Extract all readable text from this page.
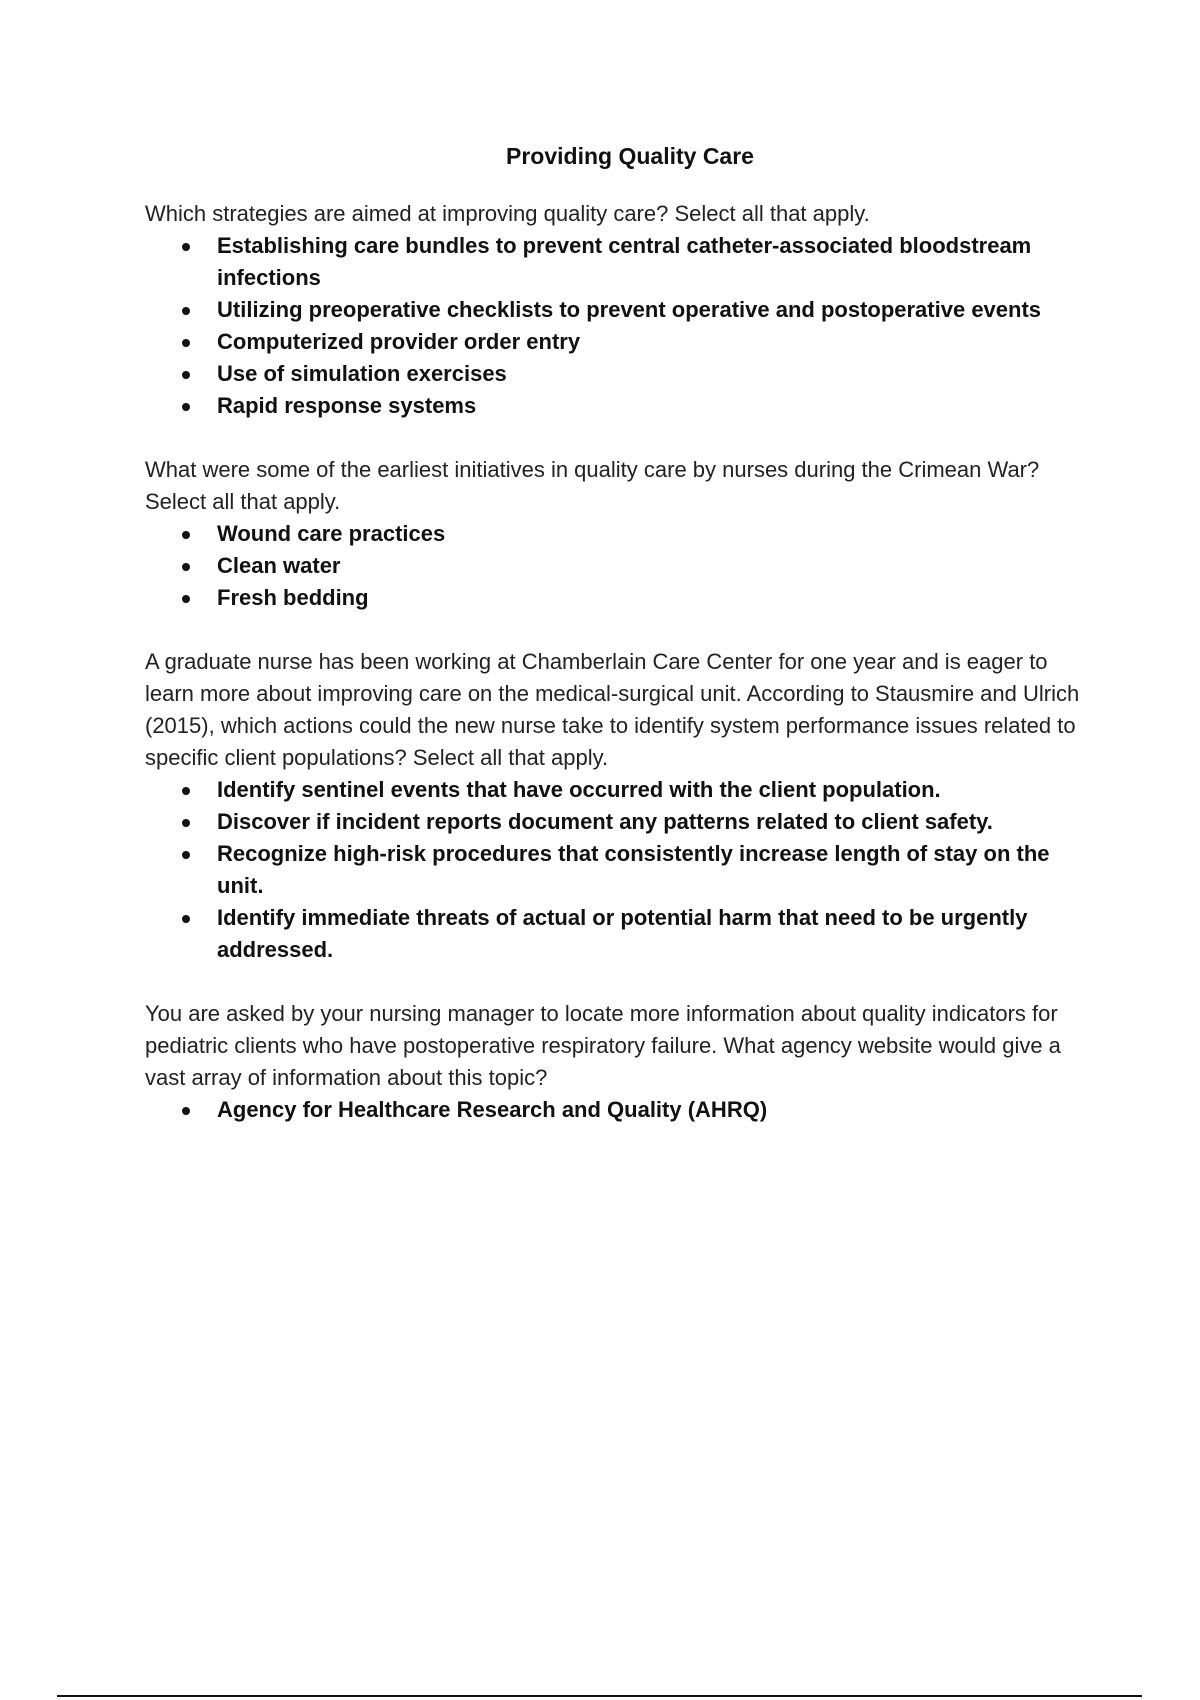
Providing Quality Care

Which strategies are aimed at improving quality care? Select all that apply.

Establishing care bundles to prevent central catheter-associated bloodstream infections
Utilizing preoperative checklists to prevent operative and postoperative events
Computerized provider order entry
Use of simulation exercises
Rapid response systems

What were some of the earliest initiatives in quality care by nurses during the Crimean War? Select all that apply.

Wound care practices
Clean water
Fresh bedding

A graduate nurse has been working at Chamberlain Care Center for one year and is eager to learn more about improving care on the medical-surgical unit. According to Stausmire and Ulrich (2015), which actions could the new nurse take to identify system performance issues related to specific client populations? Select all that apply.

Identify sentinel events that have occurred with the client population.
Discover if incident reports document any patterns related to client safety.
Recognize high-risk procedures that consistently increase length of stay on the unit.
Identify immediate threats of actual or potential harm that need to be urgently addressed.

You are asked by your nursing manager to locate more information about quality indicators for pediatric clients who have postoperative respiratory failure. What agency website would give a vast array of information about this topic?

Agency for Healthcare Research and Quality (AHRQ)
